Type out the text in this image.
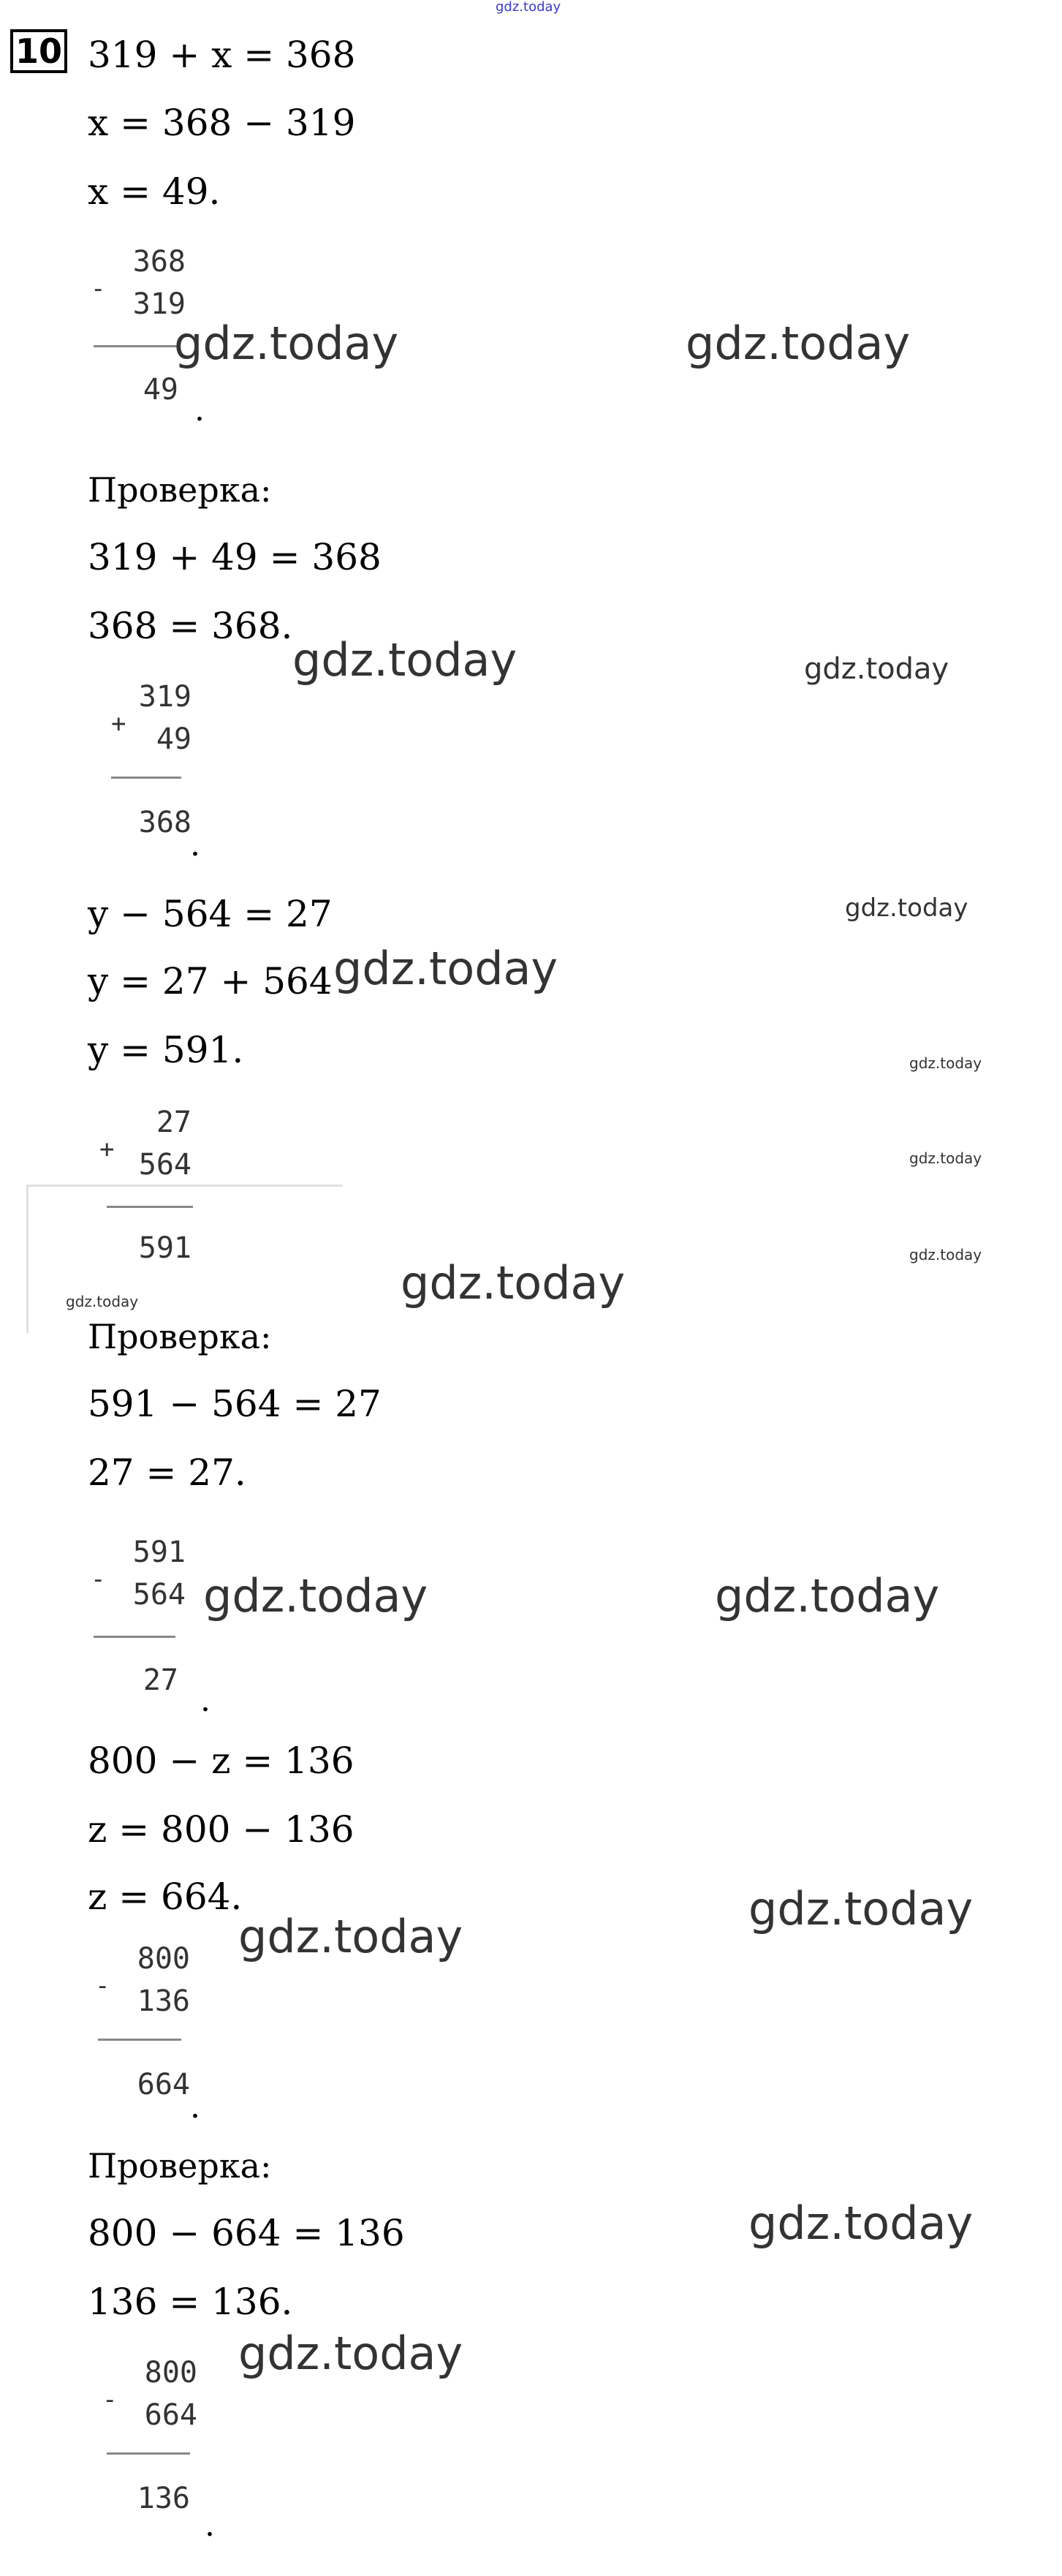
gdz.today
10 319 + x = 368
x = 368 − 319
x = 49.
-
368
319
49
.
gdz.today	gdz.today
Проверка:
319 + 49 = 368
368 = 368.
gdz.today	gdz.today
+
319
49
368
.
gdz.today
y − 564 = 27
y = 27 + 564 gdz.today
y = 591.	gdz.today
gdz.today
gdz.today
+
27
564
591
gdz.today	gdz.today
Проверка:
591 − 564 = 27
27 = 27.
-
591
564
27
.
gdz.today	gdz.today
800 − z = 136
z = 800 − 136
z = 664.	gdz.today
gdz.today
-
800
136
664
.
Проверка:
800 − 664 = 136	gdz.today
136 = 136.
gdz.today
-
800
664
136
.
